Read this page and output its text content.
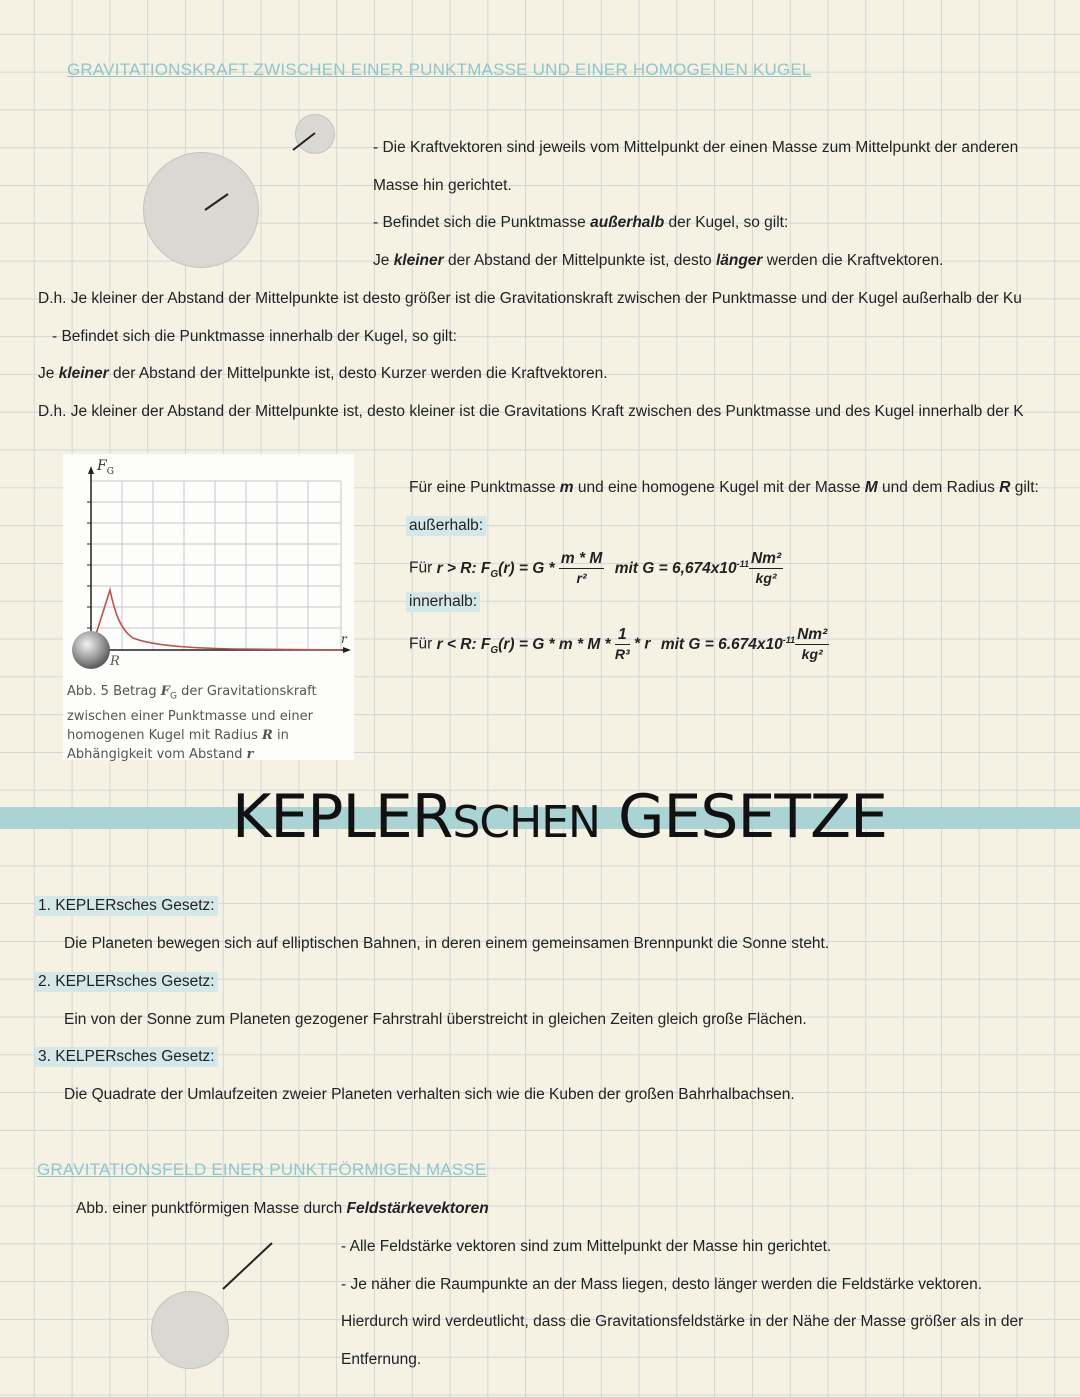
GRAVITATIONSKRAFT ZWISCHEN EINER PUNKTMASSE UND EINER HOMOGENEN KUGEL
- Die Kraftvektoren sind jeweils vom Mittelpunkt der einen Masse zum Mittelpunkt der anderen
Masse hin gerichtet.
- Befindet sich die Punktmasse außerhalb der Kugel, so gilt:
Je kleiner der Abstand der Mittelpunkte ist, desto länger werden die Kraftvektoren.
D.h. Je kleiner der Abstand der Mittelpunkte ist desto größer ist die Gravitationskraft zwischen der Punktmasse und der Kugel außerhalb der Ku
- Befindet sich die Punktmasse innerhalb der Kugel, so gilt:
Je kleiner der Abstand der Mittelpunkte ist, desto Kurzer werden die Kraftvektoren.
D.h. Je kleiner der Abstand der Mittelpunkte ist, desto kleiner ist die Gravitations Kraft zwischen des Punktmasse und des Kugel innerhalb der K
$F_G$
r
R
Abb. 5 Betrag $F_G$ der Gravitationskraft
zwischen einer Punktmasse und einer
homogenen Kugel mit Radius R in
Abhängigkeit vom Abstand r
Für eine Punktmasse m und eine homogene Kugel mit der Masse M und dem Radius R gilt:
außerhalb:
Für r > R: $F_G(r) = G * \frac{m * M}{\text{r²}}$ mit $G = 6,674x10^{-11} \frac{\text{Nm²}}{\text{kg²}}$
innerhalb:
Für r < R: $F_G(r) = G * m * M * \frac{1}{\text{R³}} * r$ mit $G = 6.674x10^{-11} \frac{\text{Nm²}}{\text{kg²}}$
KEPLERSCHEN GESETZE
1. KEPLERsches Gesetz:
Die Planeten bewegen sich auf elliptischen Bahnen, in deren einem gemeinsamen Brennpunkt die Sonne steht.
2. KEPLERsches Gesetz:
Ein von der Sonne zum Planeten gezogener Fahrstrahl überstreicht in gleichen Zeiten gleich große Flächen.
3. KELPERsches Gesetz:
Die Quadrate der Umlaufzeiten zweier Planeten verhalten sich wie die Kuben der großen Bahrhalbachsen.
GRAVITATIONSFELD EINER PUNKTFÖRMIGEN MASSE
Abb. einer punktförmigen Masse durch Feldstärkevektoren
- Alle Feldstärke vektoren sind zum Mittelpunkt der Masse hin gerichtet.
- Je näher die Raumpunkte an der Mass liegen, desto länger werden die Feldstärke vektoren.
Hierdurch wird verdeutlicht, dass die Gravitationsfeldstärke in der Nähe der Masse größer als in der
Entfernung.
